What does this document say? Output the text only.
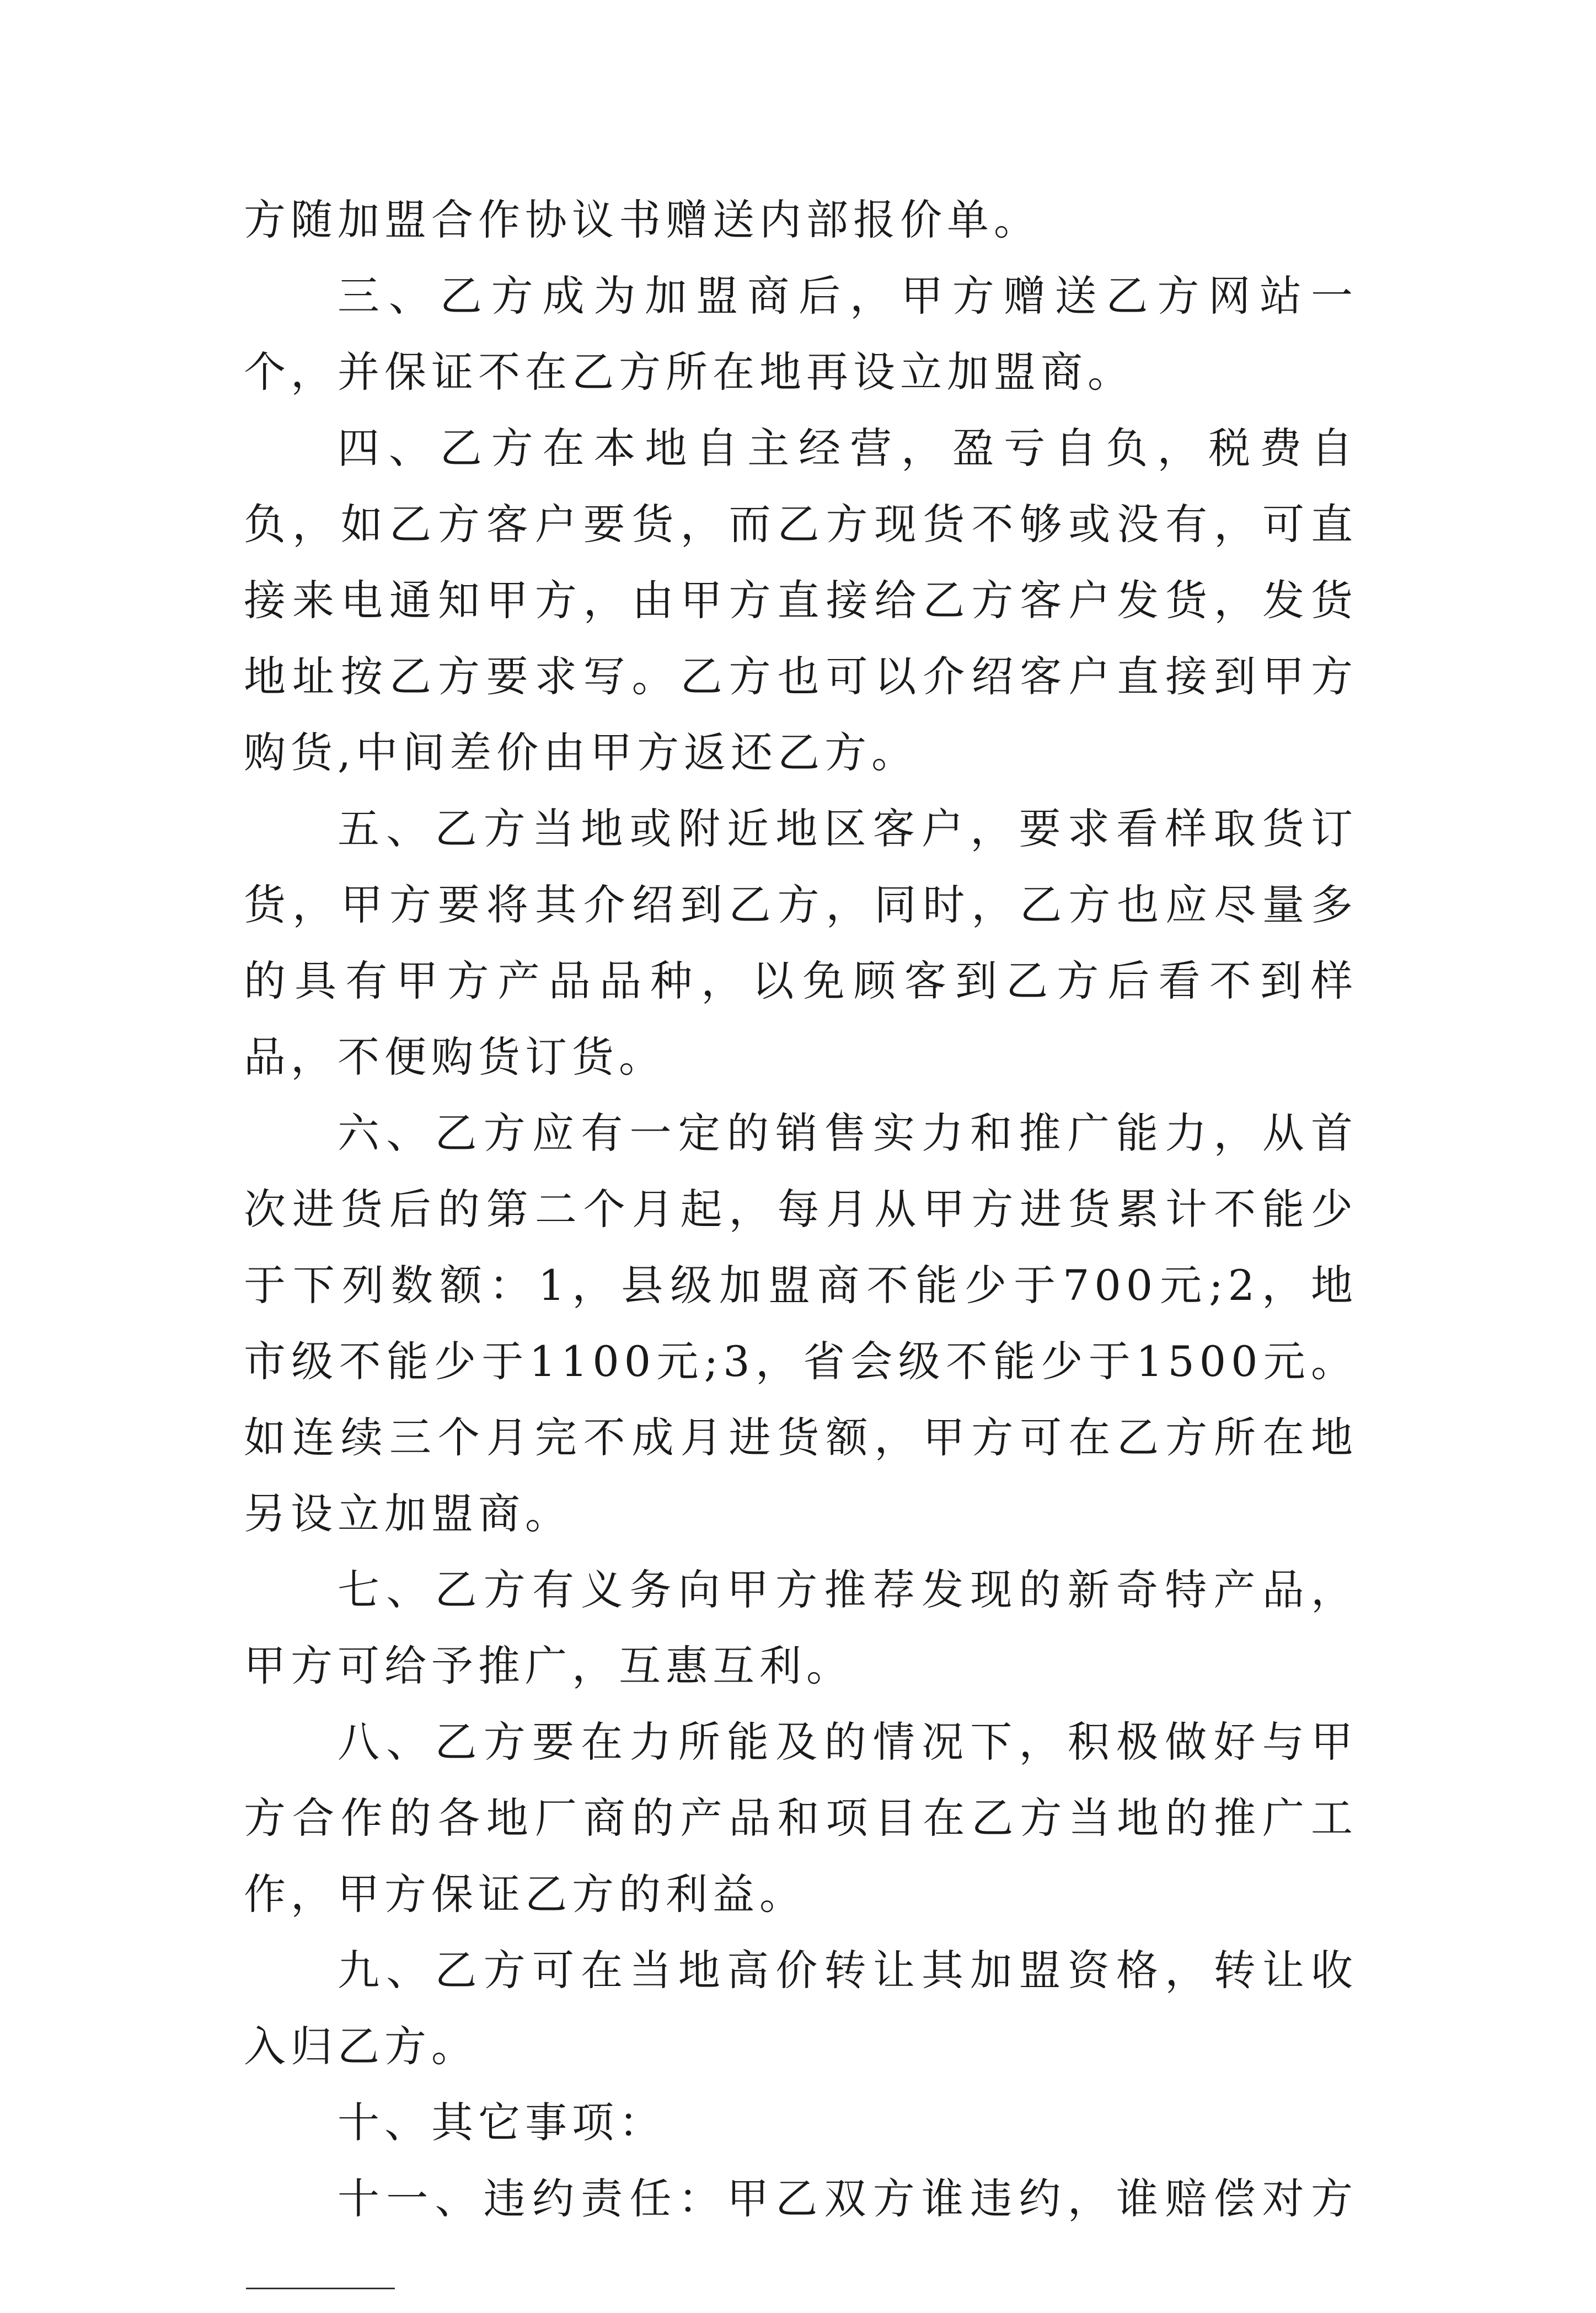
方随加盟合作协议书赠送内部报价单。

三、乙方成为加盟商后，甲方赠送乙方网站一个，并保证不在乙方所在地再设立加盟商。

四、乙方在本地自主经营，盈亏自负，税费自负，如乙方客户要货，而乙方现货不够或没有，可直接来电通知甲方，由甲方直接给乙方客户发货，发货地址按乙方要求写。乙方也可以介绍客户直接到甲方购货,中间差价由甲方返还乙方。

五、乙方当地或附近地区客户，要求看样取货订货，甲方要将其介绍到乙方，同时，乙方也应尽量多的具有甲方产品品种，以免顾客到乙方后看不到样品，不便购货订货。

六、乙方应有一定的销售实力和推广能力，从首次进货后的第二个月起，每月从甲方进货累计不能少于下列数额：1，县级加盟商不能少于700元;2，地市级不能少于1100元;3，省会级不能少于1500元。如连续三个月完不成月进货额，甲方可在乙方所在地另设立加盟商。

七、乙方有义务向甲方推荐发现的新奇特产品，甲方可给予推广，互惠互利。

八、乙方要在力所能及的情况下，积极做好与甲方合作的各地厂商的产品和项目在乙方当地的推广工作，甲方保证乙方的利益。

九、乙方可在当地高价转让其加盟资格，转让收入归乙方。

十、其它事项：

十一、违约责任：甲乙双方谁违约，谁赔偿对方
